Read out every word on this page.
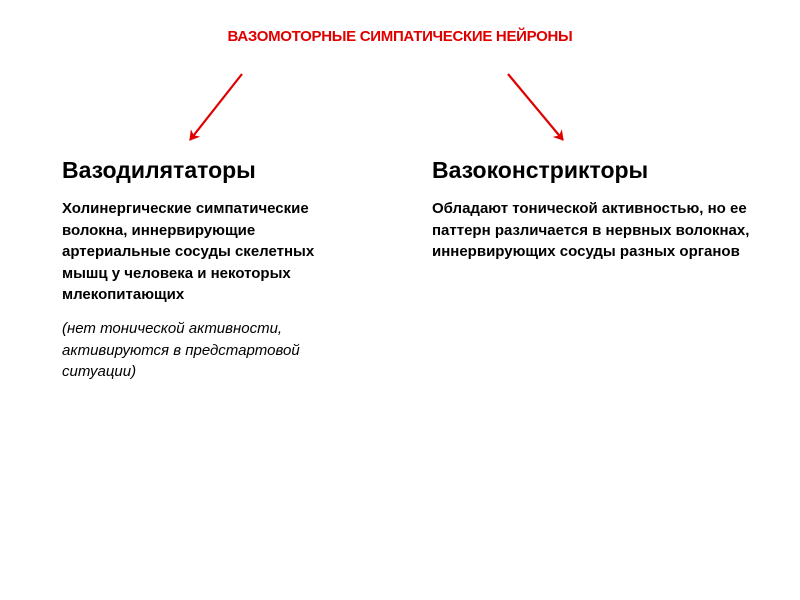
ВАЗОМОТОРНЫЕ СИМПАТИЧЕСКИЕ НЕЙРОНЫ
Вазодилятаторы

Холинергические симпатические волокна, иннервирующие артериальные сосуды скелетных мышц у человека и некоторых млекопитающих

(нет тонической активности, активируются в предстартовой ситуации)

Вазоконстрикторы

Обладают тонической активностью, но ее паттерн различается в нервных волокнах, иннервирующих сосуды разных органов
